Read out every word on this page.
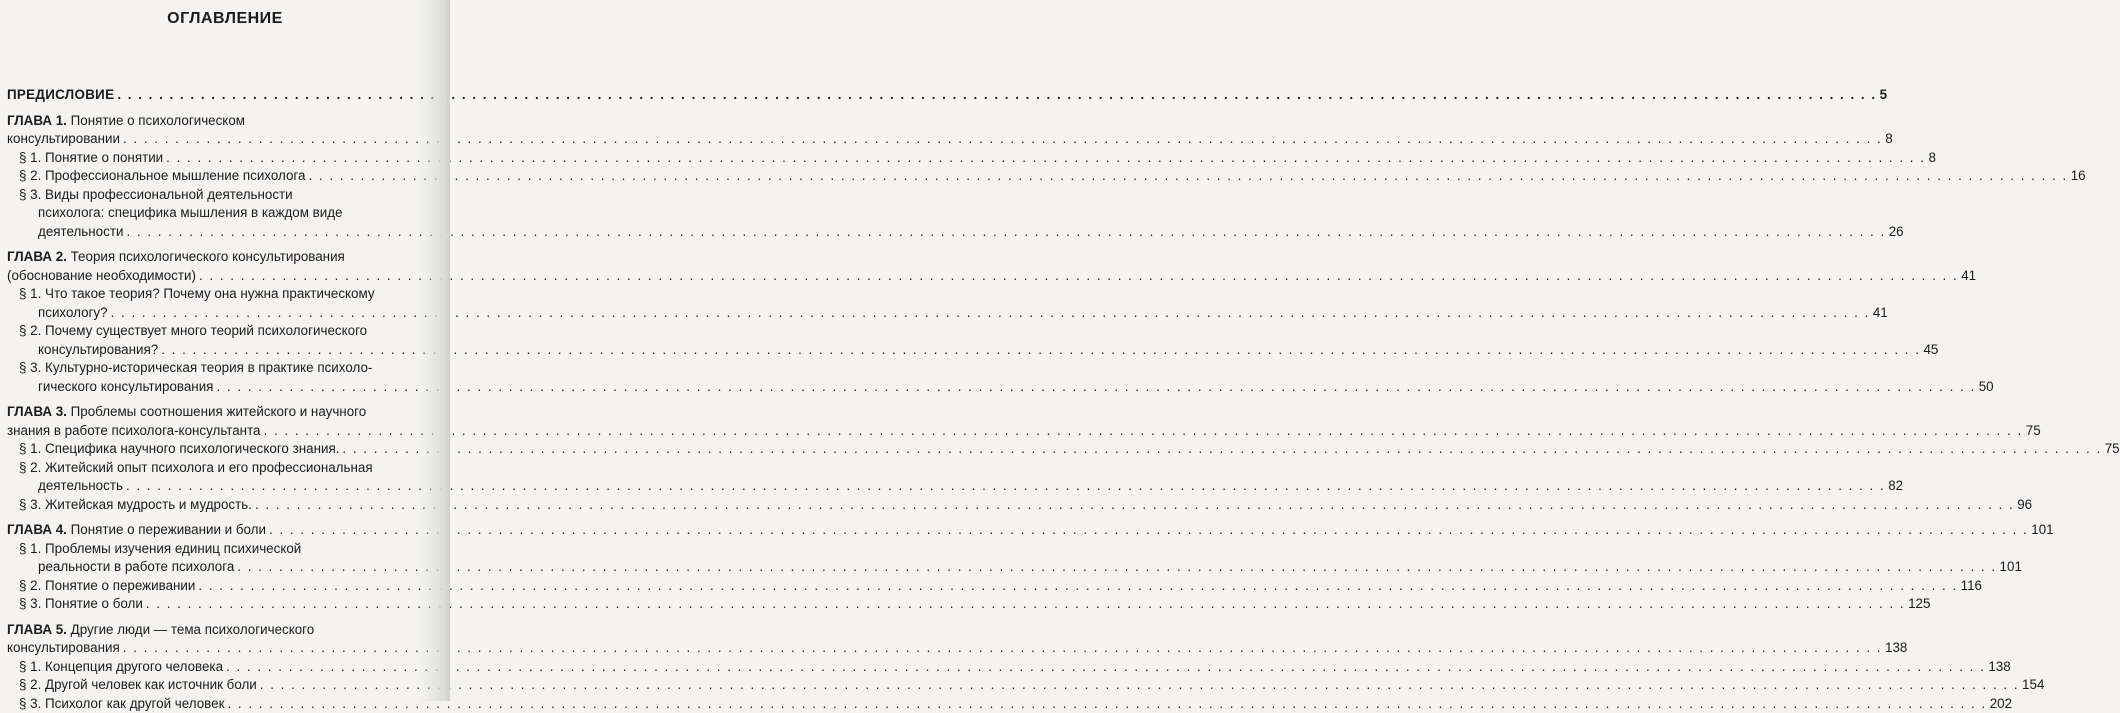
ОГЛАВЛЕНИЕ
ПРЕДИСЛОВИЕ . . .	5
ГЛАВА 1. Понятие о психологическом
консультировании . . .	8
§ 1. Понятие о понятии . . .	8
§ 2. Профессиональное мышление психолога . . .	16
§ 3. Виды профессиональной деятельности
психолога: специфика мышления в каждом виде
деятельности . . .	26
ГЛАВА 2. Теория психологического консультирования
(обоснование необходимости) . . .	41
§ 1. Что такое теория? Почему она нужна практическому
психологу? . . .	41
§ 2. Почему существует много теорий психологического
консультирования? . . .	45
§ 3. Культурно-историческая теория в практике психоло-
гического консультирования . . .	50
ГЛАВА 3. Проблемы соотношения житейского и научного
знания в работе психолога-консультанта . . .	75
§ 1. Специфика научного психологического знания. . . .	75
§ 2. Житейский опыт психолога и его профессиональная
деятельность . . .	82
§ 3. Житейская мудрость и мудрость. . . .	96
ГЛАВА 4. Понятие о переживании и боли . . .	101
§ 1. Проблемы изучения единиц психической
реальности в работе психолога . . .	101
§ 2. Понятие о переживании . . .	116
§ 3. Понятие о боли . . .	125
ГЛАВА 5. Другие люди — тема психологического
консультирования . . .	138
§ 1. Концепция другого человека . . .	138
§ 2. Другой человек как источник боли . . .	154
§ 3. Психолог как другой человек . . .	202
